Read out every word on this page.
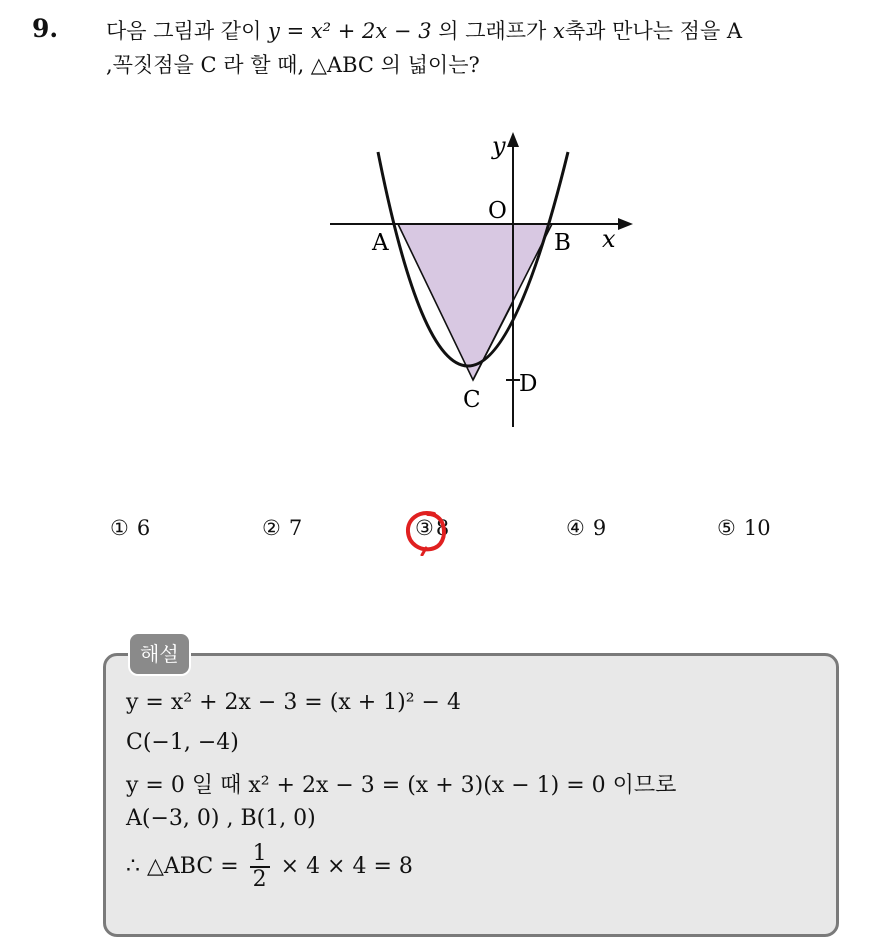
9. 다음 그림과 같이 y = x² + 2x − 3 의 그래프가 x축과 만나는 점을 A
,꼭짓점을 C 라 할 때, △ABC 의 넓이는?
y
x
O
A	B
C
D
① 6	② 7	③8	④ 9	⑤ 10
해설
y = x² + 2x − 3 = (x + 1)² − 4
C(−1, −4)
y = 0 일 때 x² + 2x − 3 = (x + 3)(x − 1) = 0 이므로
A(−3, 0) , B(1, 0)
∴ △ABC = $\frac{1}{2} \times 4 \times 4 = 8$
